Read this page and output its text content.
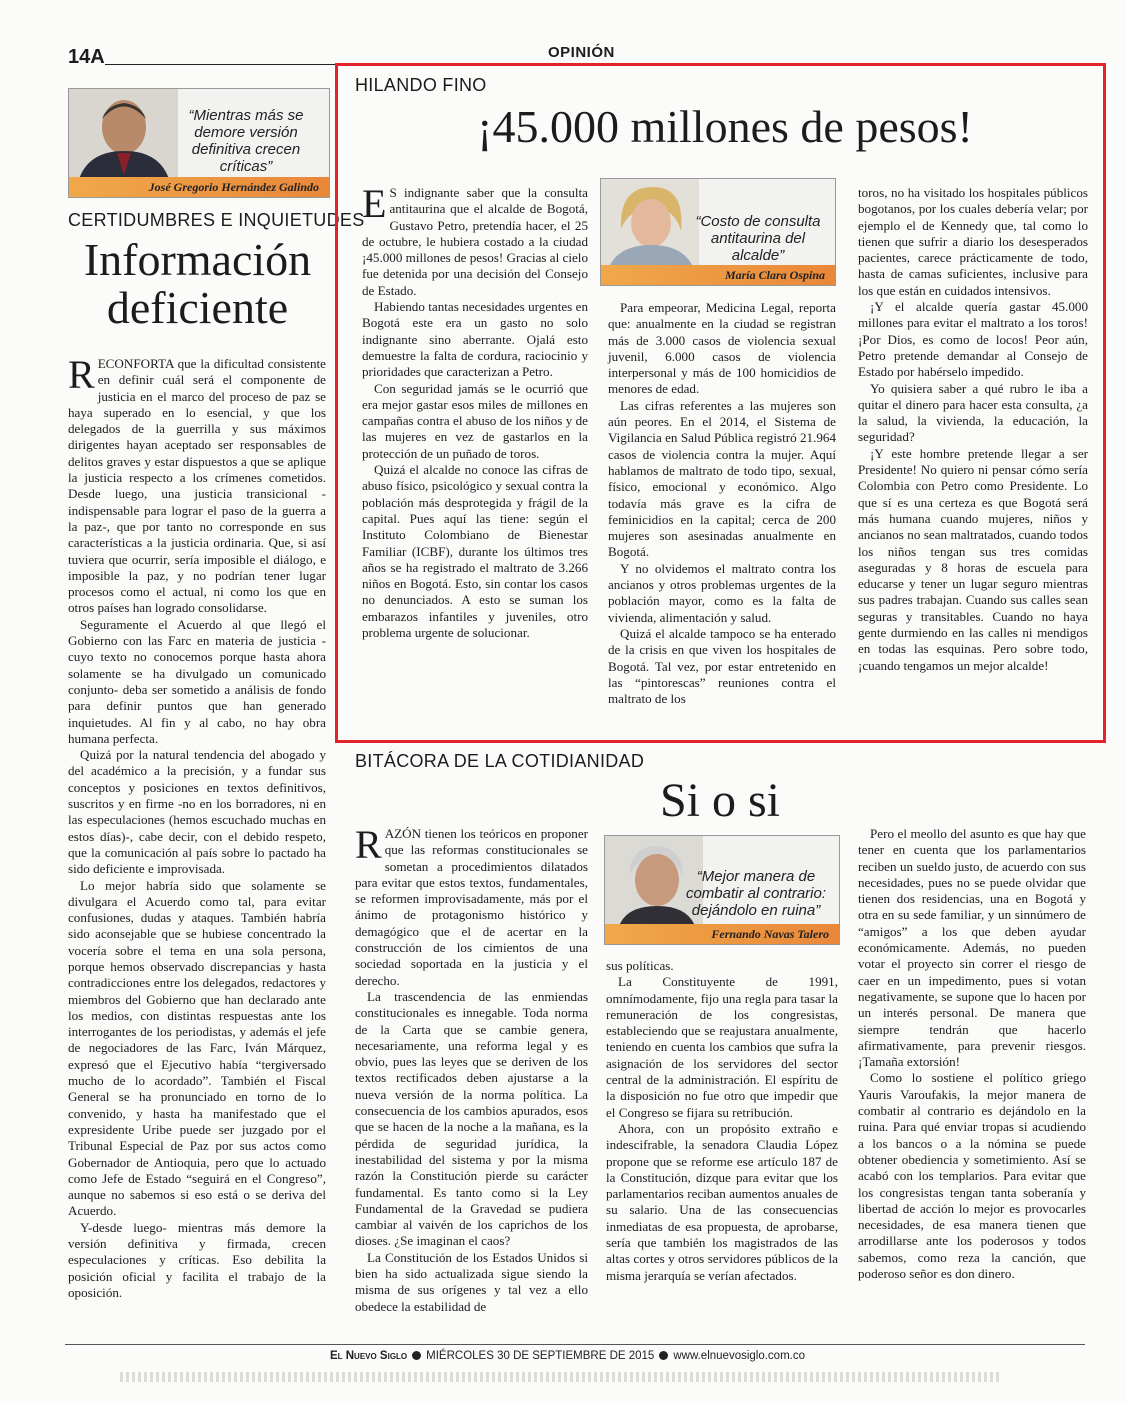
14A	OPINIÓN
“Mientras más se demore versión definitiva crecen críticas”
José Gregorio Hernández Galindo
CERTIDUMBRES E INQUIETUDES
Información
deficiente

RECONFORTA que la dificultad consistente en definir cuál será el componente de justicia en el marco del proceso de paz se haya superado en lo esencial, y que los delegados de la guerrilla y sus máximos dirigentes hayan aceptado ser responsables de delitos graves y estar dispuestos a que se aplique la justicia respecto a los crímenes cometidos. Desde luego, una justicia transicional -indispensable para lograr el paso de la guerra a la paz-, que por tanto no corresponde en sus características a la justicia ordinaria. Que, si así tuviera que ocurrir, sería imposible el diálogo, e imposible la paz, y no podrían tener lugar procesos como el actual, ni como los que en otros países han logrado consolidarse.

Seguramente el Acuerdo al que llegó el Gobierno con las Farc en materia de justicia -cuyo texto no conocemos porque hasta ahora solamente se ha divulgado un comunicado conjunto- deba ser sometido a análisis de fondo para definir puntos que han generado inquietudes. Al fin y al cabo, no hay obra humana perfecta.

Quizá por la natural tendencia del abogado y del académico a la precisión, y a fundar sus conceptos y posiciones en textos definitivos, suscritos y en firme -no en los borradores, ni en las especulaciones (hemos escuchado muchas en estos días)-, cabe decir, con el debido respeto, que la comunicación al país sobre lo pactado ha sido deficiente e improvisada.

Lo mejor habría sido que solamente se divulgara el Acuerdo como tal, para evitar confusiones, dudas y ataques. También habría sido aconsejable que se hubiese concentrado la vocería sobre el tema en una sola persona, porque hemos observado discrepancias y hasta contradicciones entre los delegados, redactores y miembros del Gobierno que han declarado ante los medios, con distintas respuestas ante los interrogantes de los periodistas, y además el jefe de negociadores de las Farc, Iván Márquez, expresó que el Ejecutivo había “tergiversado mucho de lo acordado”. También el Fiscal General se ha pronunciado en torno de lo convenido, y hasta ha manifestado que el expresidente Uribe puede ser juzgado por el Tribunal Especial de Paz por sus actos como Gobernador de Antioquia, pero que lo actuado como Jefe de Estado “seguirá en el Congreso”, aunque no sabemos si eso está o se deriva del Acuerdo.

Y-desde luego- mientras más demore la versión definitiva y firmada, crecen especulaciones y críticas. Eso debilita la posición oficial y facilita el trabajo de la oposición.

HILANDO FINO
¡45.000 millones de pesos!

E S indignante saber que la consulta antitaurina que el alcalde de Bogotá, Gustavo Petro, pretendía hacer, el 25 de octubre, le hubiera costado a la ciudad ¡45.000 millones de pesos! Gracias al cielo fue detenida por una decisión del Consejo de Estado.

Habiendo tantas necesidades urgentes en Bogotá este era un gasto no solo indignante sino aberrante. Ojalá esto demuestre la falta de cordura, raciocinio y prioridades que caracterizan a Petro.

Con seguridad jamás se le ocurrió que era mejor gastar esos miles de millones en campañas contra el abuso de los niños y de las mujeres en vez de gastarlos en la protección de un puñado de toros.

Quizá el alcalde no conoce las cifras de abuso físico, psicológico y sexual contra la población más desprotegida y frágil de la capital. Pues aquí las tiene: según el Instituto Colombiano de Bienestar Familiar (ICBF), durante los últimos tres años se ha registrado el maltrato de 3.266 niños en Bogotá. Esto, sin contar los casos no denunciados. A esto se suman los embarazos infantiles y juveniles, otro problema urgente de solucionar.

“Costo de consulta antitaurina del alcalde”
María Clara Ospina

Para empeorar, Medicina Legal, reporta que: anualmente en la ciudad se registran más de 3.000 casos de violencia sexual juvenil, 6.000 casos de violencia interpersonal y más de 100 homicidios de menores de edad.

Las cifras referentes a las mujeres son aún peores. En el 2014, el Sistema de Vigilancia en Salud Pública registró 21.964 casos de violencia contra la mujer. Aquí hablamos de maltrato de todo tipo, sexual, físico, emocional y económico. Algo todavía más grave es la cifra de feminicidios en la capital; cerca de 200 mujeres son asesinadas anualmente en Bogotá.

Y no olvidemos el maltrato contra los ancianos y otros problemas urgentes de la población mayor, como es la falta de vivienda, alimentación y salud.

Quizá el alcalde tampoco se ha enterado de la crisis en que viven los hospitales de Bogotá. Tal vez, por estar entretenido en las “pintorescas” reuniones contra el maltrato de los

toros, no ha visitado los hospitales públicos bogotanos, por los cuales debería velar; por ejemplo el de Kennedy que, tal como lo tienen que sufrir a diario los desesperados pacientes, carece prácticamente de todo, hasta de camas suficientes, inclusive para los que están en cuidados intensivos.

¡Y el alcalde quería gastar 45.000 millones para evitar el maltrato a los toros! ¡Por Dios, es como de locos! Peor aún, Petro pretende demandar al Consejo de Estado por habérselo impedido.

Yo quisiera saber a qué rubro le iba a quitar el dinero para hacer esta consulta, ¿a la salud, la vivienda, la educación, la seguridad?

¡Y este hombre pretende llegar a ser Presidente! No quiero ni pensar cómo sería Colombia con Petro como Presidente. Lo que sí es una certeza es que Bogotá será más humana cuando mujeres, niños y ancianos no sean maltratados, cuando todos los niños tengan sus tres comidas aseguradas y 8 horas de escuela para educarse y tener un lugar seguro mientras sus padres trabajan. Cuando sus calles sean seguras y transitables. Cuando no haya gente durmiendo en las calles ni mendigos en todas las esquinas. Pero sobre todo, ¡cuando tengamos un mejor alcalde!

BITÁCORA DE LA COTIDIANIDAD
Si o si

RAZÓN tienen los teóricos en proponer que las reformas constitucionales se sometan a procedimientos dilatados para evitar que estos textos, fundamentales, se reformen improvisadamente, más por el ánimo de protagonismo histórico y demagógico que el de acertar en la construcción de los cimientos de una sociedad soportada en la justicia y el derecho.

La trascendencia de las enmiendas constitucionales es innegable. Toda norma de la Carta que se cambie genera, necesariamente, una reforma legal y es obvio, pues las leyes que se deriven de los textos rectificados deben ajustarse a la nueva versión de la norma política. La consecuencia de los cambios apurados, esos que se hacen de la noche a la mañana, es la pérdida de seguridad jurídica, la inestabilidad del sistema y por la misma razón la Constitución pierde su carácter fundamental. Es tanto como si la Ley Fundamental de la Gravedad se pudiera cambiar al vaivén de los caprichos de los dioses. ¿Se imaginan el caos?

La Constitución de los Estados Unidos si bien ha sido actualizada sigue siendo la misma de sus orígenes y tal vez a ello obedece la estabilidad de

“Mejor manera de combatir al contrario: dejándolo en ruina”
Fernando Navas Talero

sus políticas.

La Constituyente de 1991, omnímodamente, fijo una regla para tasar la remuneración de los congresistas, estableciendo que se reajustara anualmente, teniendo en cuenta los cambios que sufra la asignación de los servidores del sector central de la administración. El espíritu de la disposición no fue otro que impedir que el Congreso se fijara su retribución.

Ahora, con un propósito extraño e indescifrable, la senadora Claudia López propone que se reforme ese artículo 187 de la Constitución, dizque para evitar que los parlamentarios reciban aumentos anuales de su salario. Una de las consecuencias inmediatas de esa propuesta, de aprobarse, sería que también los magistrados de las altas cortes y otros servidores públicos de la misma jerarquía se verían afectados.

Pero el meollo del asunto es que hay que tener en cuenta que los parlamentarios reciben un sueldo justo, de acuerdo con sus necesidades, pues no se puede olvidar que tienen dos residencias, una en Bogotá y otra en su sede familiar, y un sinnúmero de “amigos” a los que deben ayudar económicamente. Además, no pueden votar el proyecto sin correr el riesgo de caer en un impedimento, pues si votan negativamente, se supone que lo hacen por un interés personal. De manera que siempre tendrán que hacerlo afirmativamente, para prevenir riesgos. ¡Tamaña extorsión!

Como lo sostiene el político griego Yauris Varoufakis, la mejor manera de combatir al contrario es dejándolo en la ruina. Para qué enviar tropas si acudiendo a los bancos o a la nómina se puede obtener obediencia y sometimiento. Así se acabó con los templarios. Para evitar que los congresistas tengan tanta soberanía y libertad de acción lo mejor es provocarles necesidades, de esa manera tienen que arrodillarse ante los poderosos y todos sabemos, como reza la canción, que poderoso señor es don dinero.

El Nuevo Siglo MIÉRCOLES 30 DE SEPTIEMBRE DE 2015 www.elnuevosiglo.com.co
